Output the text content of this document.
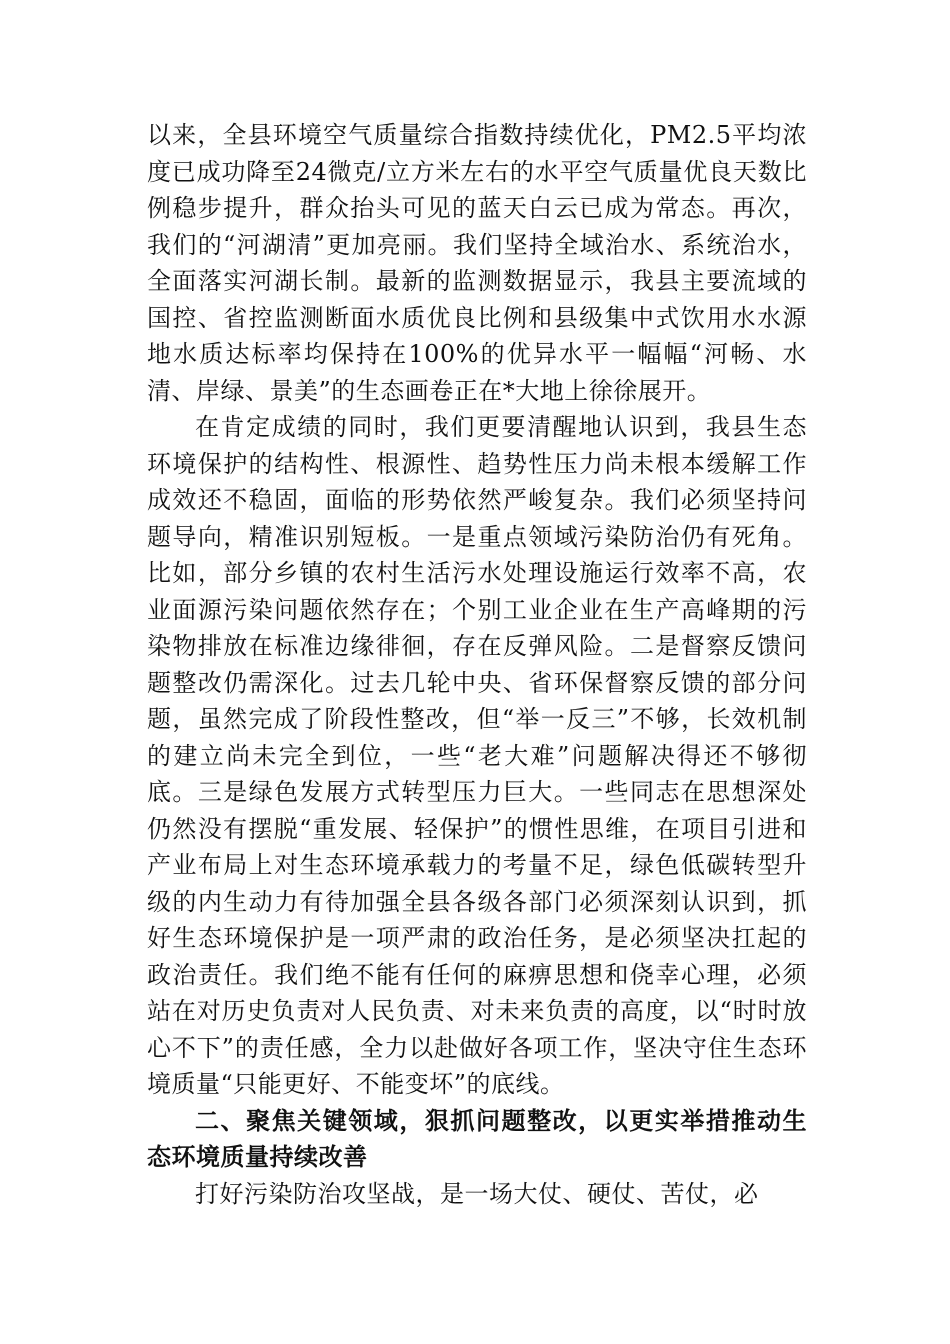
以来，全县环境空气质量综合指数持续优化，PM2.5平均浓度已成功降至24微克/立方米左右的水平空气质量优良天数比例稳步提升，群众抬头可见的蓝天白云已成为常态。再次，我们的“河湖清”更加亮丽。我们坚持全域治水、系统治水，全面落实河湖长制。最新的监测数据显示，我县主要流域的国控、省控监测断面水质优良比例和县级集中式饮用水水源地水质达标率均保持在100%的优异水平一幅幅“河畅、水清、岸绿、景美”的生态画卷正在*大地上徐徐展开。

在肯定成绩的同时，我们更要清醒地认识到，我县生态环境保护的结构性、根源性、趋势性压力尚未根本缓解工作成效还不稳固，面临的形势依然严峻复杂。我们必须坚持问题导向，精准识别短板。一是重点领域污染防治仍有死角。比如，部分乡镇的农村生活污水处理设施运行效率不高，农业面源污染问题依然存在；个别工业企业在生产高峰期的污染物排放在标准边缘徘徊，存在反弹风险。二是督察反馈问题整改仍需深化。过去几轮中央、省环保督察反馈的部分问题，虽然完成了阶段性整改，但“举一反三”不够，长效机制的建立尚未完全到位，一些“老大难”问题解决得还不够彻底。三是绿色发展方式转型压力巨大。一些同志在思想深处仍然没有摆脱“重发展、轻保护”的惯性思维，在项目引进和产业布局上对生态环境承载力的考量不足，绿色低碳转型升级的内生动力有待加强全县各级各部门必须深刻认识到，抓好生态环境保护是一项严肃的政治任务，是必须坚决扛起的政治责任。我们绝不能有任何的麻痹思想和侥幸心理，必须站在对历史负责对人民负责、对未来负责的高度，以“时时放心不下”的责任感，全力以赴做好各项工作，坚决守住生态环境质量“只能更好、不能变坏”的底线。

二、聚焦关键领域，狠抓问题整改，以更实举措推动生态环境质量持续改善

打好污染防治攻坚战，是一场大仗、硬仗、苦仗，必
